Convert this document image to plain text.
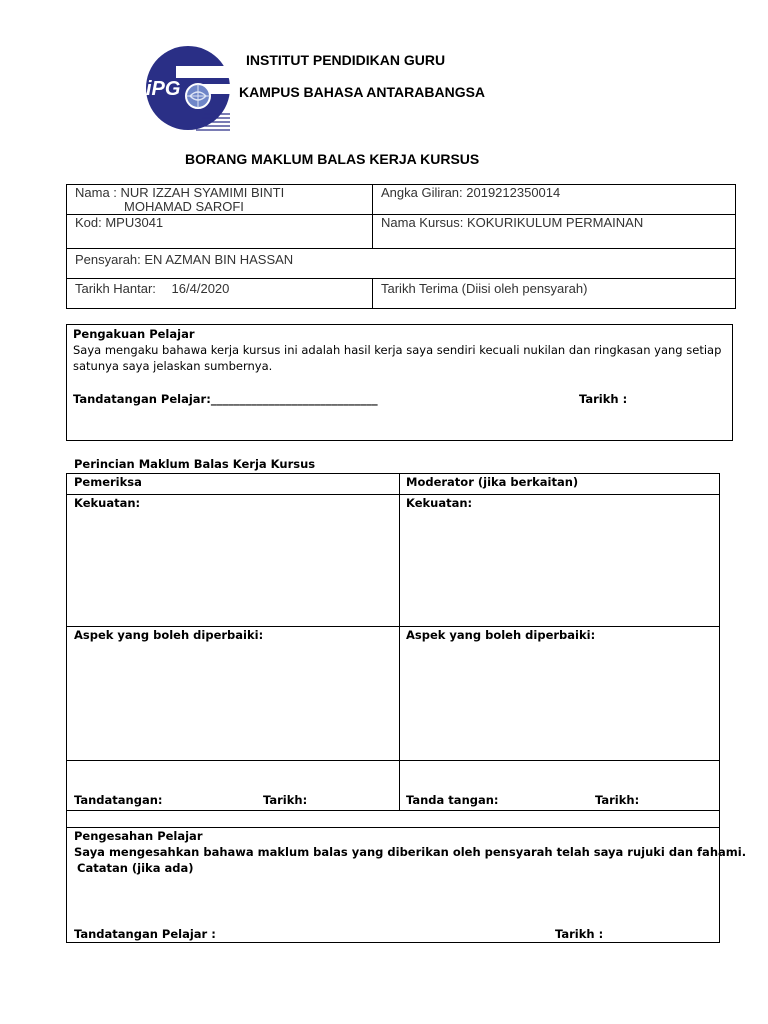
iPG
INSTITUT PENDIDIKAN GURU
KAMPUS BAHASA ANTARABANGSA
BORANG MAKLUM BALAS KERJA KURSUS
Nama : NUR IZZAH SYAMIMI BINTI
MOHAMAD SAROFI	Angka Giliran: 2019212350014
Kod: MPU3041	Nama Kursus: KOKURIKULUM PERMAINAN
Pensyarah: EN AZMAN BIN HASSAN	
Tarikh Hantar: 16/4/2020	Tarikh Terima (Diisi oleh pensyarah)
Pengakuan Pelajar
Saya mengaku bahawa kerja kursus ini adalah hasil kerja saya sendiri kecuali nukilan dan ringkasan yang setiap
satunya saya jelaskan sumbernya.
Tandatangan Pelajar:_____________________________	Tarikh :
Perincian Maklum Balas Kerja Kursus
Pemeriksa	Moderator (jika berkaitan)

Kekuatan:	Kekuatan:

Aspek yang boleh diperbaiki:	Aspek yang boleh diperbaiki:

Tandatangan: Tarikh:	Tanda tangan: Tarikh:

Pengesahan Pelajar
Saya mengesahkan bahawa maklum balas yang diberikan oleh pensyarah telah saya rujuki dan fahami.
Catatan (jika ada)
Tandatangan Pelajar : Tarikh :	
